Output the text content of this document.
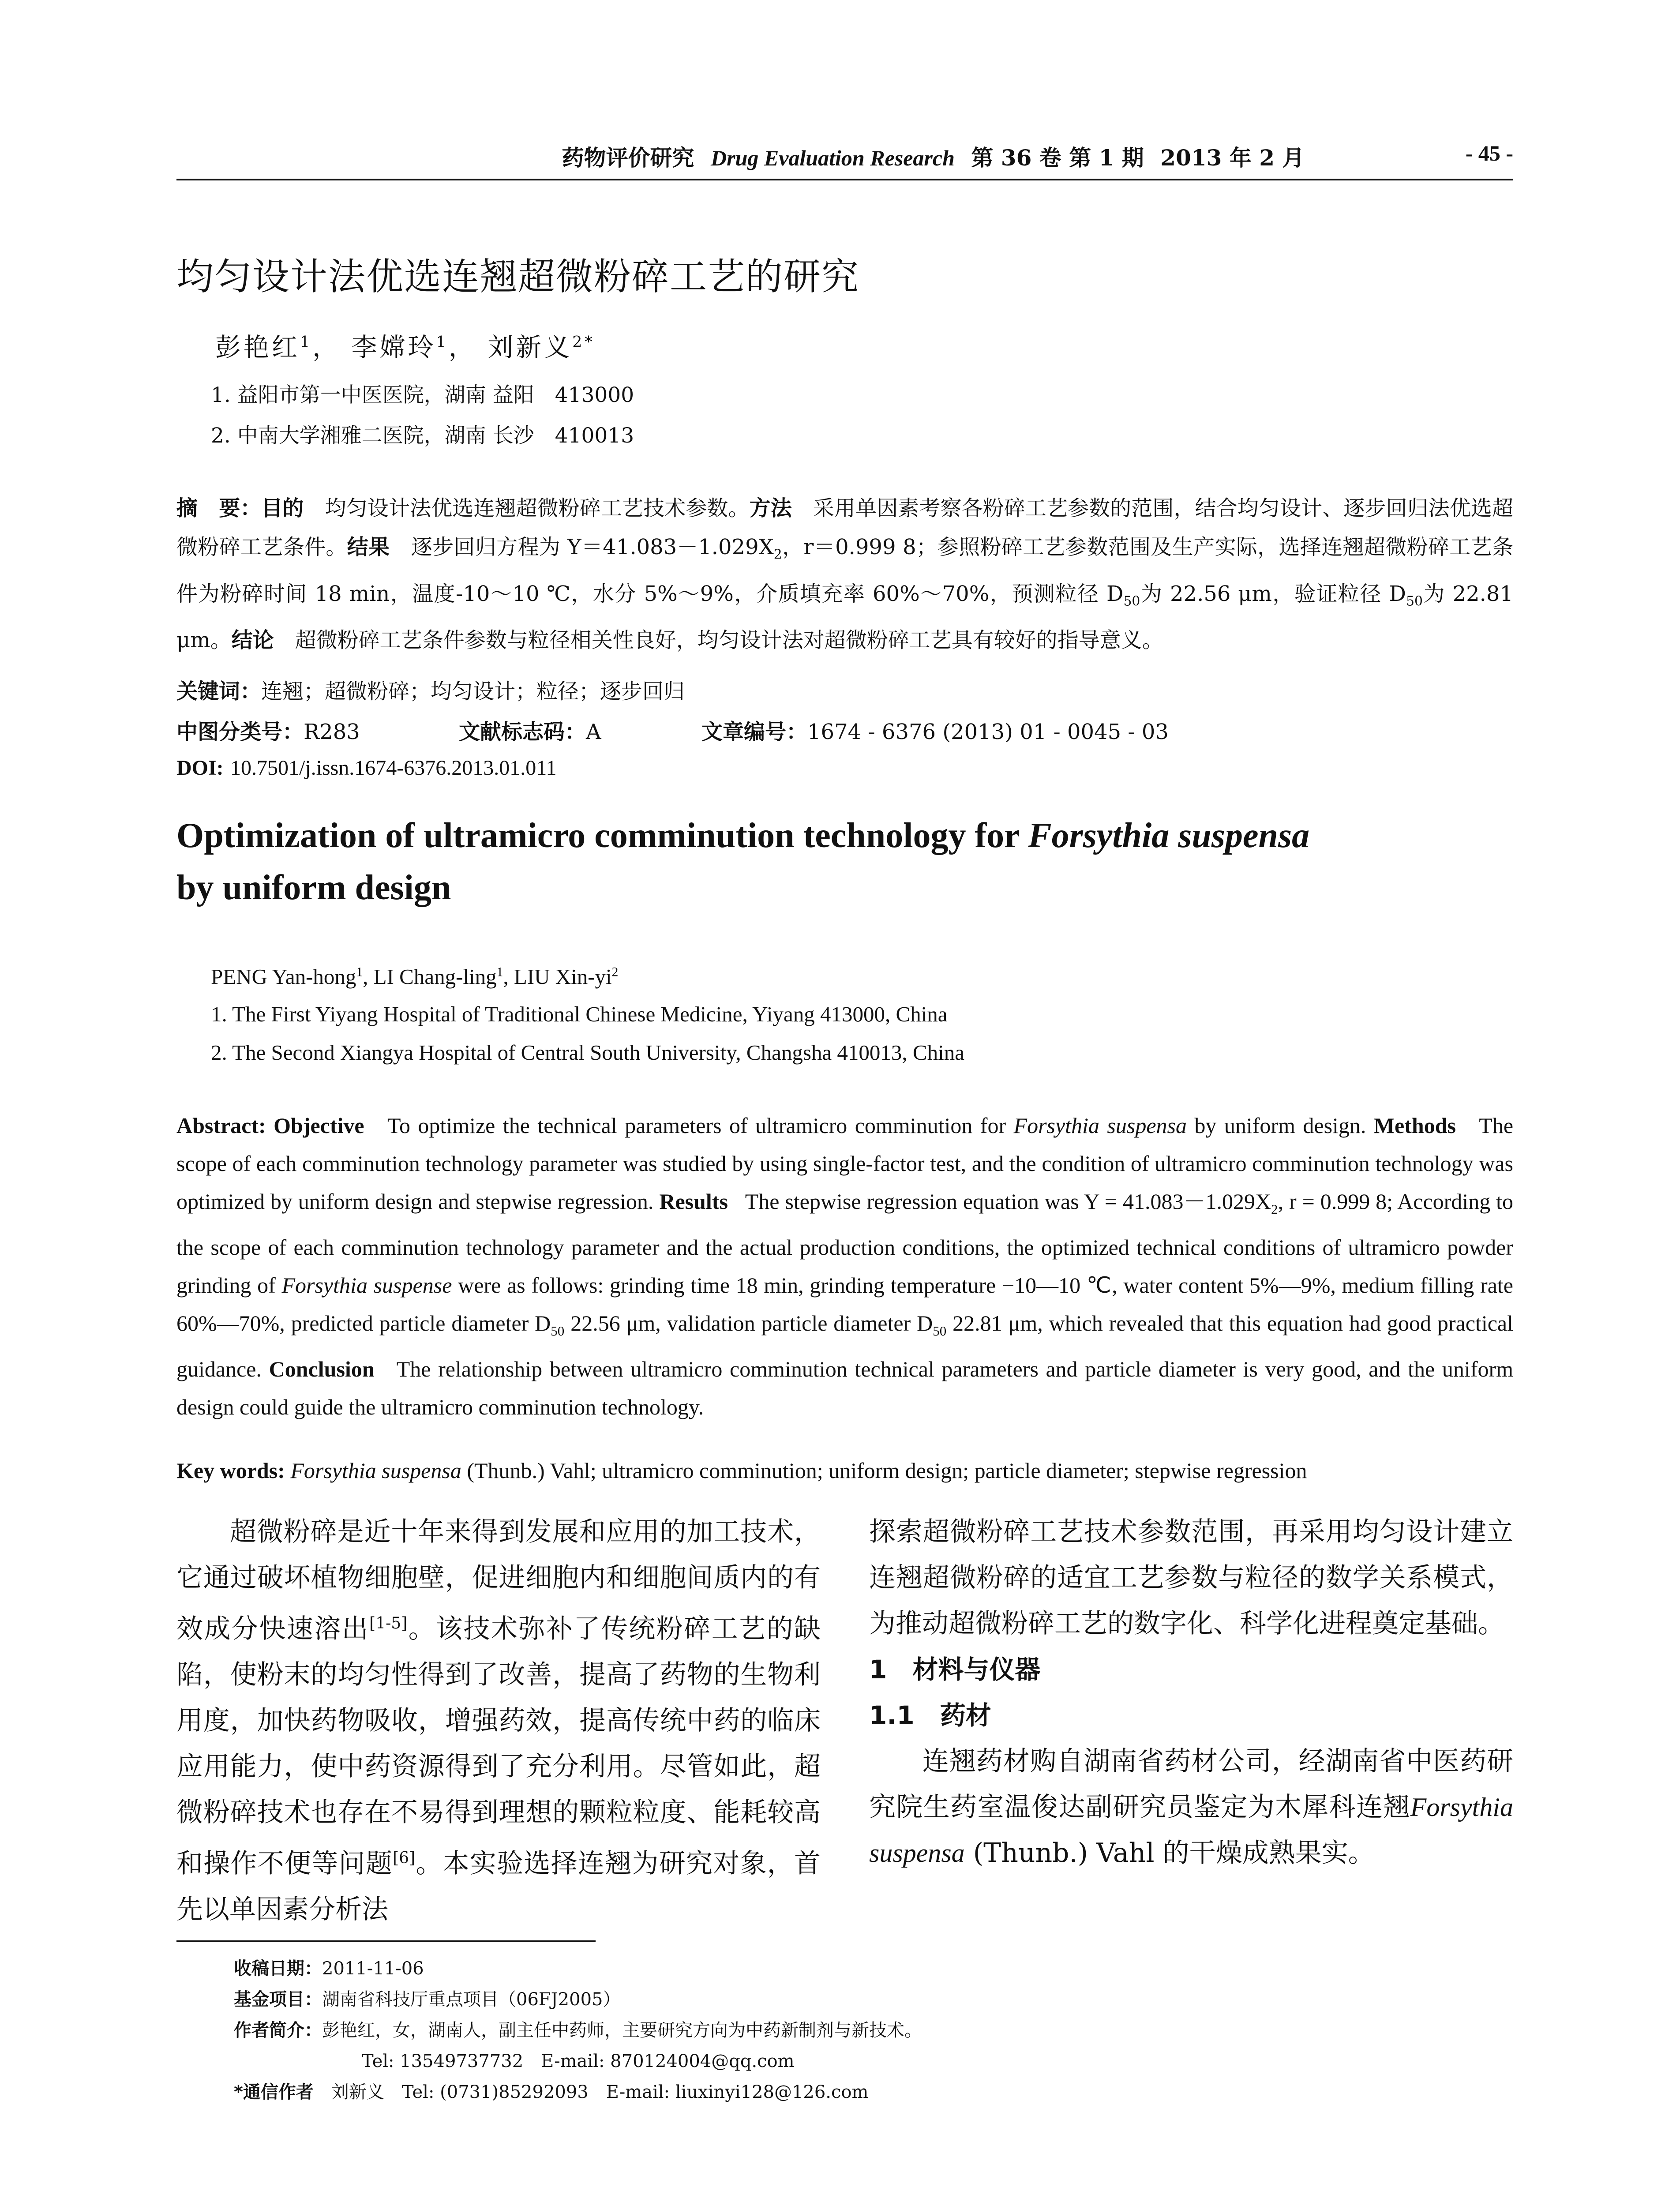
药物评价研究 Drug Evaluation Research 第 36 卷 第 1 期 2013 年 2 月	- 45 -
均匀设计法优选连翘超微粉碎工艺的研究
彭艳红$^1$， 李嫦玲$^1$， 刘新义$^{2*}$
1. 益阳市第一中医医院，湖南 益阳　413000
2. 中南大学湘雅二医院，湖南 长沙　410013
摘　要：目的　 均匀设计法优选连翘超微粉碎工艺技术参数。方法　 采用单因素考察各粉碎工艺参数的范围，结合均匀设计、逐步回归法优选超微粉碎工艺条件。结果　 逐步回归方程为 $Y=41.083-1.029X_2$，r＝0.999 8；参照粉碎工艺参数范围及生产实际，选择连翘超微粉碎工艺条件为粉碎时间 18 min，温度-10～10 ℃，水分 5%～9%，介质填充率 60%～70%，预测粒径 $D_{50}$为 22.56 μm，验证粒径 $D_{50}$为 22.81 μm。结论　 超微粉碎工艺条件参数与粒径相关性良好，均匀设计法对超微粉碎工艺具有较好的指导意义。
关键词：连翘；超微粉碎；均匀设计；粒径；逐步回归
中图分类号：R283	文献标志码：A	文章编号：1674 - 6376 (2013) 01 - 0045 - 03
DOI: 10.7501/j.issn.1674-6376.2013.01.011
Optimization of ultramicro comminution technology for Forsythia suspensa
by uniform design
PENG Yan-hong$^1$, LI Chang-ling$^1$, LIU Xin-$yi^2$
1. The First Yiyang Hospital of Traditional Chinese Medicine, Yiyang 413000, China
2. The Second Xiangya Hospital of Central South University, Changsha 410013, China
Abstract: Objective To optimize the technical parameters of ultramicro comminution for Forsythia suspensa by uniform design. Methods The scope of each comminution technology parameter was studied by using single-factor test, and the condition of ultramicro comminution technology was optimized by uniform design and stepwise regression. Results The stepwise regression equation was $Y = 41.083-1.029X_2$, r = 0.999 8; According to the scope of each comminution technology parameter and the actual production conditions, the optimized technical conditions of ultramicro powder grinding of Forsythia suspense were as follows: grinding time 18 min, grinding temperature −10—10 ℃, water content 5%—9%, medium filling rate 60%—70%, predicted particle diameter $D_{50}$ 22.56 μm, validation particle diameter $D_{50}$ 22.81 μm, which revealed that this equation had good practical guidance. Conclusion The relationship between ultramicro comminution technical parameters and particle diameter is very good, and the uniform design could guide the ultramicro comminution technology.
Key words: Forsythia suspensa (Thunb.) Vahl; ultramicro comminution; uniform design; particle diameter; stepwise regression
超微粉碎是近十年来得到发展和应用的加工技术，它通过破坏植物细胞壁，促进细胞内和细胞间质内的有效成分快速溶出[1-5]。该技术弥补了传统粉碎工艺的缺陷，使粉末的均匀性得到了改善，提高了药物的生物利用度，加快药物吸收，增强药效，提高传统中药的临床应用能力，使中药资源得到了充分利用。尽管如此，超微粉碎技术也存在不易得到理想的颗粒粒度、能耗较高和操作不便等问题[6]。本实验选择连翘为研究对象，首先以单因素分析法
探索超微粉碎工艺技术参数范围，再采用均匀设计建立连翘超微粉碎的适宜工艺参数与粒径的数学关系模式，为推动超微粉碎工艺的数字化、科学化进程奠定基础。
1　材料与仪器
1.1　药材
连翘药材购自湖南省药材公司，经湖南省中医药研究院生药室温俊达副研究员鉴定为木犀科连翘Forsythia suspensa (Thunb.) Vahl 的干燥成熟果实。
收稿日期：2011-11-06
基金项目：湖南省科技厅重点项目（06FJ2005）
作者简介：彭艳红，女，湖南人，副主任中药师，主要研究方向为中药新制剂与新技术。
Tel: 13549737732　E-mail: 870124004@qq.com
*通信作者　 刘新义　Tel: (0731)85292093　E-mail: liuxinyi128@126.com
